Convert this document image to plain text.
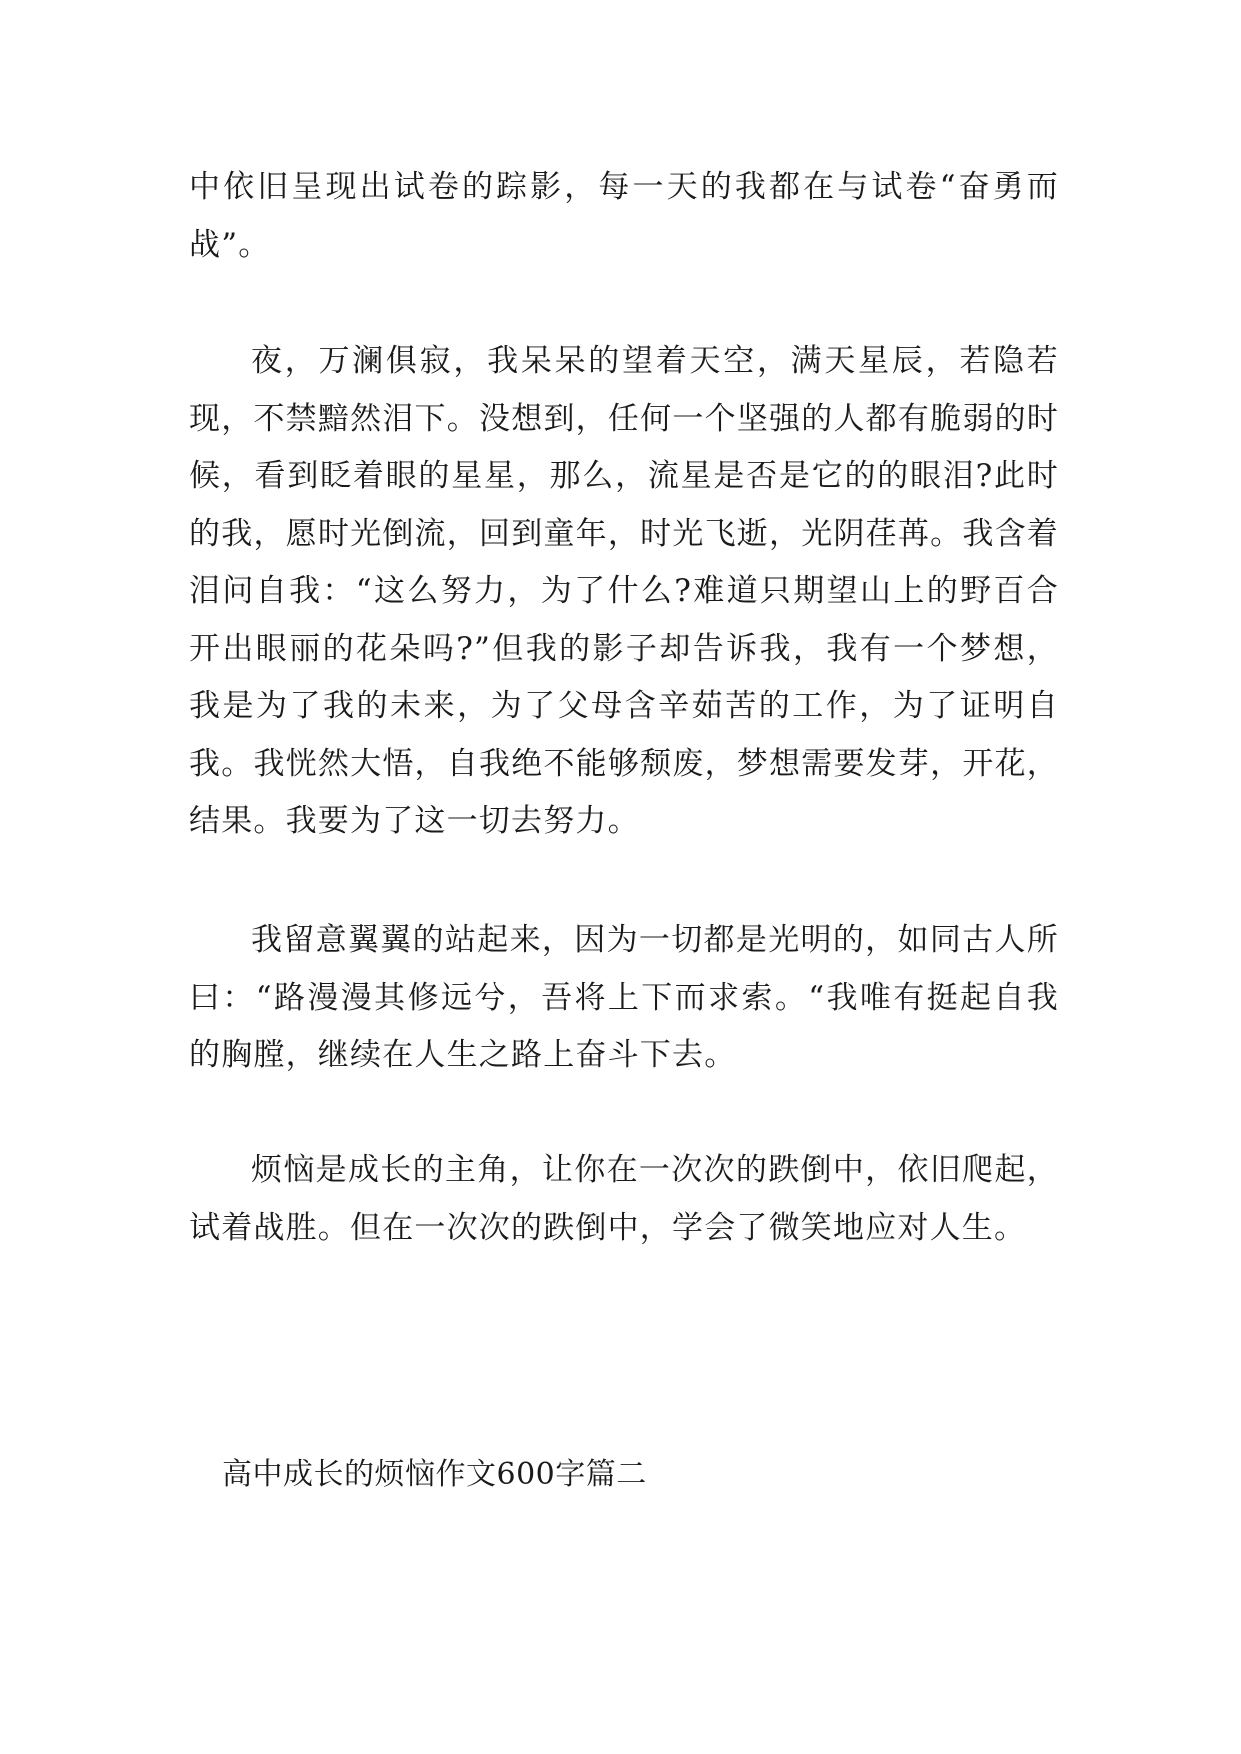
中依旧呈现出试卷的踪影，每一天的我都在与试卷“奋勇而战”。

夜，万澜俱寂，我呆呆的望着天空，满天星辰，若隐若现，不禁黯然泪下。没想到，任何一个坚强的人都有脆弱的时候，看到眨着眼的星星，那么，流星是否是它的的眼泪?此时的我，愿时光倒流，回到童年，时光飞逝，光阴荏苒。我含着泪问自我：“这么努力，为了什么?难道只期望山上的野百合开出眼丽的花朵吗?”但我的影子却告诉我，我有一个梦想，我是为了我的未来，为了父母含辛茹苦的工作，为了证明自我。我恍然大悟，自我绝不能够颓废，梦想需要发芽，开花，结果。我要为了这一切去努力。

我留意翼翼的站起来，因为一切都是光明的，如同古人所曰：“路漫漫其修远兮，吾将上下而求索。“我唯有挺起自我的胸膛，继续在人生之路上奋斗下去。

烦恼是成长的主角，让你在一次次的跌倒中，依旧爬起，试着战胜。但在一次次的跌倒中，学会了微笑地应对人生。

高中成长的烦恼作文600字篇二
